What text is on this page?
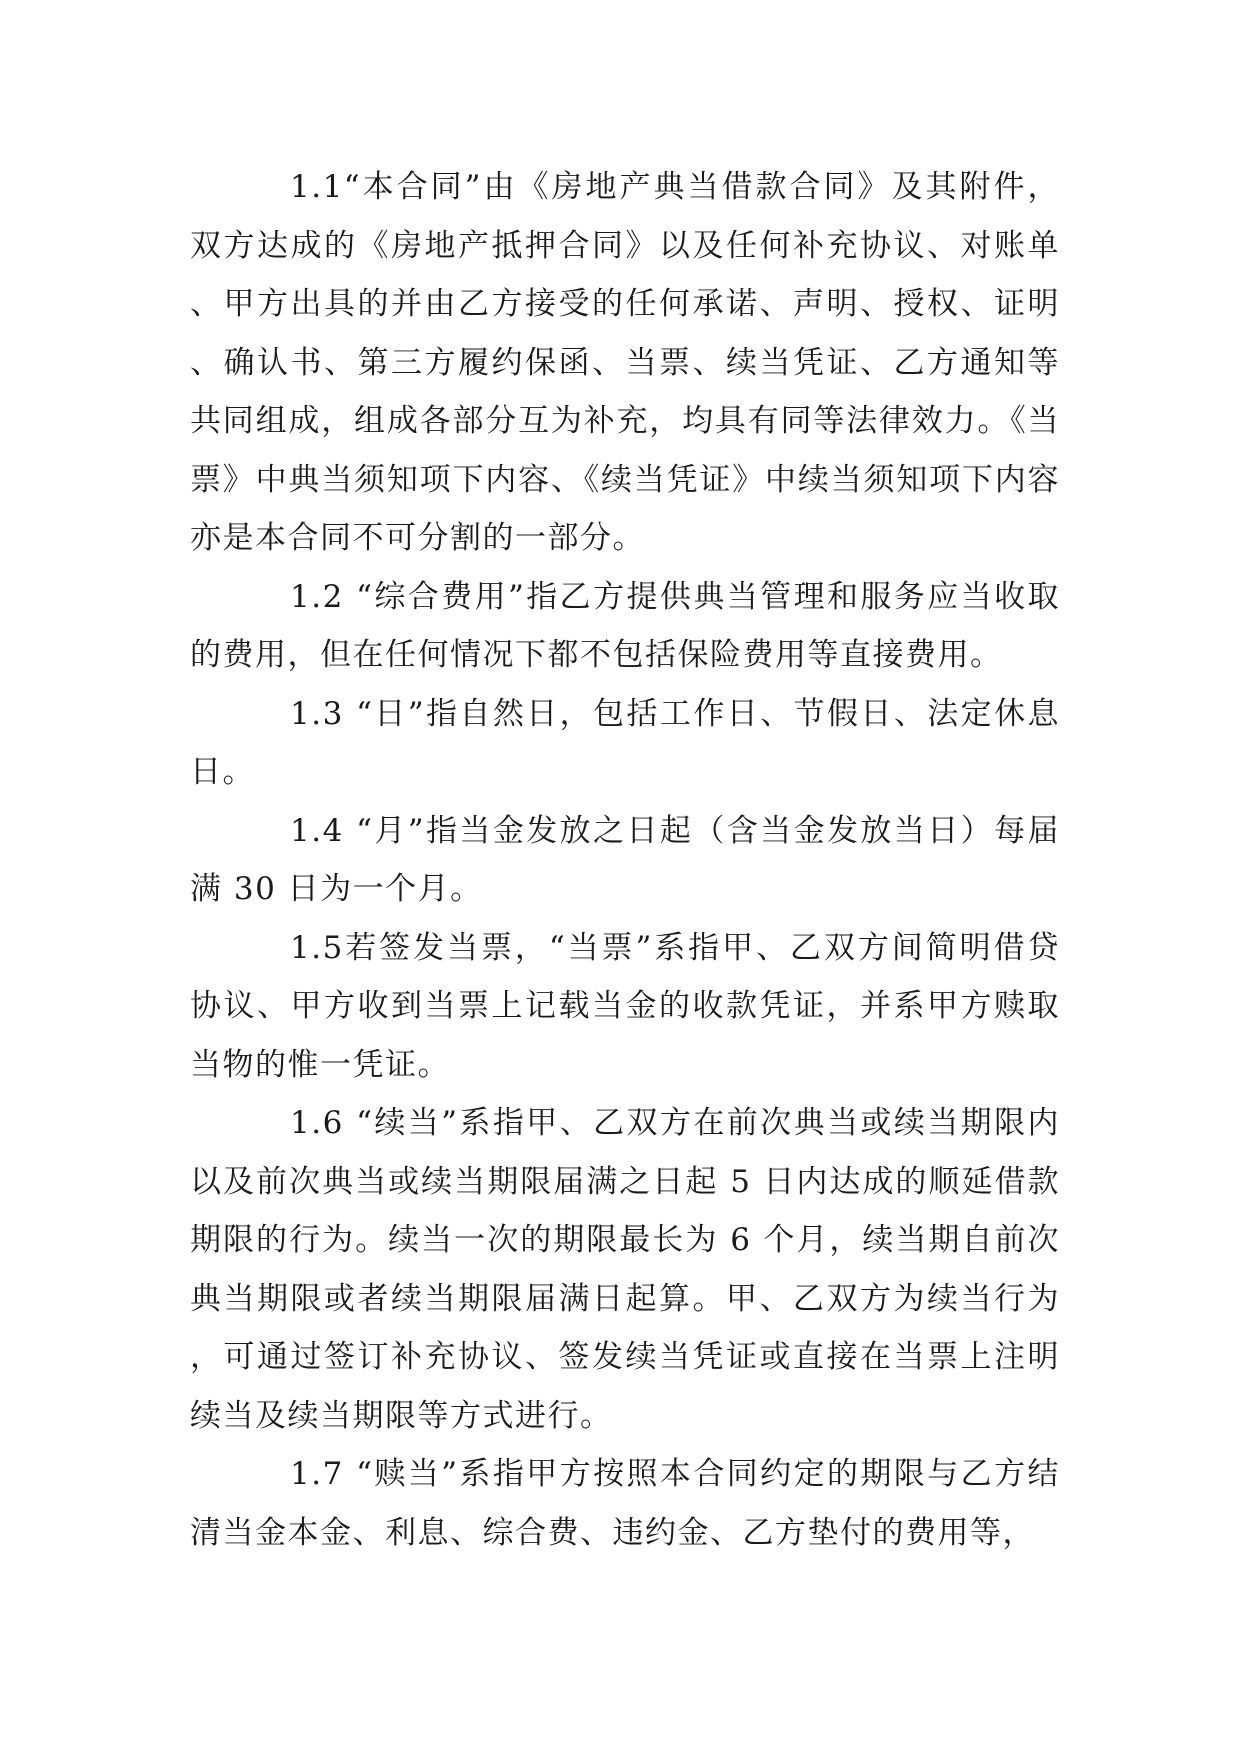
1.1“本合同”由《房地产典当借款合同》及其附件，双方达成的《房地产抵押合同》以及任何补充协议、对账单、甲方出具的并由乙方接受的任何承诺、声明、授权、证明、确认书、第三方履约保函、当票、续当凭证、乙方通知等共同组成，组成各部分互为补充，均具有同等法律效力。《当票》中典当须知项下内容、《续当凭证》中续当须知项下内容亦是本合同不可分割的一部分。

1.2 “综合费用”指乙方提供典当管理和服务应当收取的费用，但在任何情况下都不包括保险费用等直接费用。

1.3 “日”指自然日，包括工作日、节假日、法定休息日。

1.4 “月”指当金发放之日起（含当金发放当日）每届满 30 日为一个月。

1.5若签发当票，“当票”系指甲、乙双方间简明借贷协议、甲方收到当票上记载当金的收款凭证，并系甲方赎取当物的惟一凭证。

1.6 “续当”系指甲、乙双方在前次典当或续当期限内以及前次典当或续当期限届满之日起 5 日内达成的顺延借款期限的行为。续当一次的期限最长为 6 个月，续当期自前次典当期限或者续当期限届满日起算。甲、乙双方为续当行为，可通过签订补充协议、签发续当凭证或直接在当票上注明续当及续当期限等方式进行。

1.7 “赎当”系指甲方按照本合同约定的期限与乙方结清当金本金、利息、综合费、违约金、乙方垫付的费用等，
